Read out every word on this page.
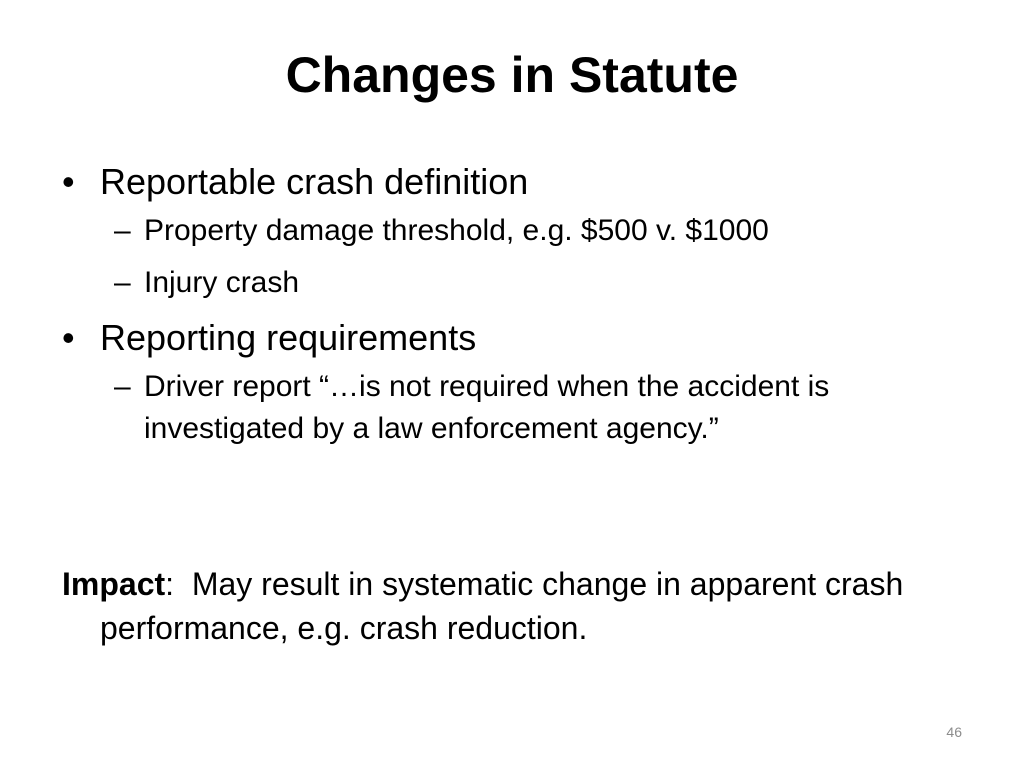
Changes in Statute
• Reportable crash definition
– Property damage threshold, e.g. $500 v. $1000
– Injury crash
• Reporting requirements
– Driver report “…is not required when the accident is investigated by a law enforcement agency.”

Impact:  May result in systematic change in apparent crash performance, e.g. crash reduction.

46
